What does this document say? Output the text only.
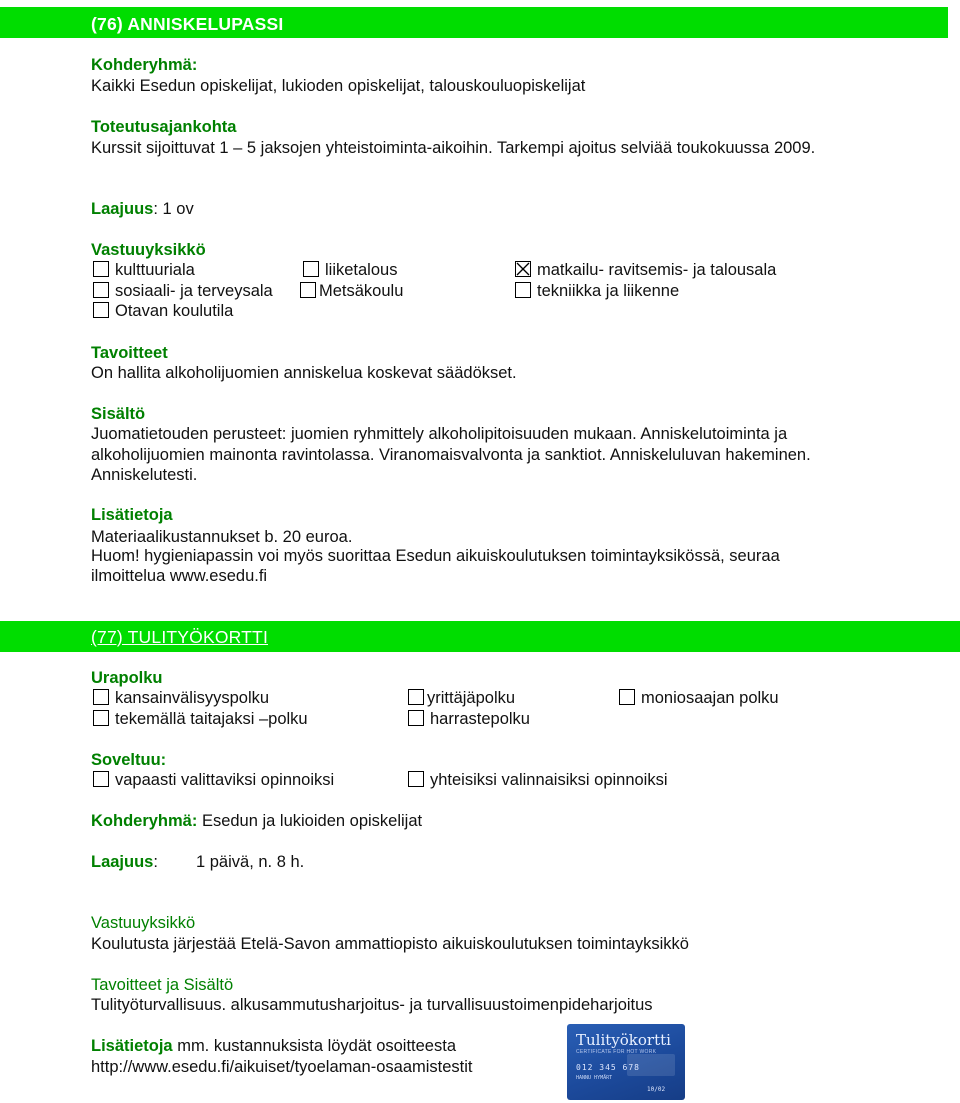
(76) ANNISKELUPASSI
Kohderyhmä:
Kaikki Esedun opiskelijat, lukioden opiskelijat, talouskouluopiskelijat
Toteutusajankohta
Kurssit sijoittuvat 1 – 5 jaksojen yhteistoiminta-aikoihin. Tarkempi ajoitus selviää toukokuussa 2009.
Laajuus: 1 ov
Vastuuyksikkö
kulttuuriala	liiketalous	matkailu- ravitsemis- ja talousala
sosiaali- ja terveysala	Metsäkoulu	tekniikka ja liikenne
Otavan koulutila
Tavoitteet
On hallita alkoholijuomien anniskelua koskevat säädökset.
Sisältö
Juomatietouden perusteet: juomien ryhmittely alkoholipitoisuuden mukaan. Anniskelutoiminta ja
alkoholijuomien mainonta ravintolassa. Viranomaisvalvonta ja sanktiot. Anniskeluluvan hakeminen.
Anniskelutesti.
Lisätietoja
Materiaalikustannukset b. 20 euroa.
Huom! hygieniapassin voi myös suorittaa Esedun aikuiskoulutuksen toimintayksikössä, seuraa
ilmoittelua www.esedu.fi
(77) TULITYÖKORTTI
Urapolku
kansainvälisyyspolku	yrittäjäpolku	moniosaajan polku
tekemällä taitajaksi –polku	harrastepolku
Soveltuu:
vapaasti valittaviksi opinnoiksi	yhteisiksi valinnaisiksi opinnoiksi
Kohderyhmä: Esedun ja lukioiden opiskelijat
Laajuus: 1 päivä, n. 8 h.
Vastuuyksikkö
Koulutusta järjestää Etelä-Savon ammattiopisto aikuiskoulutuksen toimintayksikkö
Tavoitteet ja Sisältö
Tulityöturvallisuus. alkusammutusharjoitus- ja turvallisuustoimenpideharjoitus
Lisätietoja mm. kustannuksista löydät osoitteesta
http://www.esedu.fi/aikuiset/tyoelaman-osaamistestit
Tulityökortti
CERTIFICATE FOR HOT WORK
012 345 678
HANNU HYMÄRT
10/02
